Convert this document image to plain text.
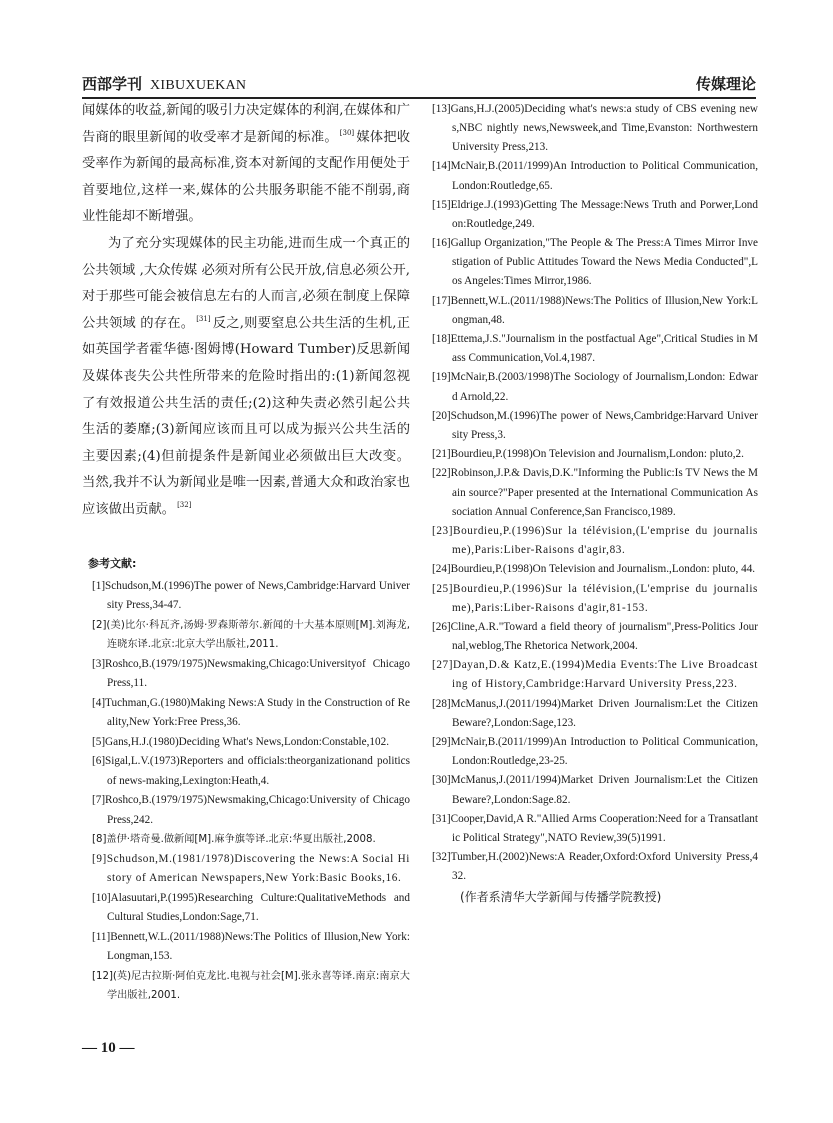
西部学刊 XIBUXUEKAN	传媒理论

闻媒体的收益,新闻的吸引力决定媒体的利润,在媒体和广告商的眼里新闻的收受率才是新闻的标准。 [30] 媒体把收受率作为新闻的最高标准,资本对新闻的支配作用便处于首要地位,这样一来,媒体的公共服务职能不能不削弱,商业性能却不断增强。

为了充分实现媒体的民主功能,进而生成一个真正的 公共领域 ,大众传媒 必须对所有公民开放,信息必须公开,对于那些可能会被信息左右的人而言,必须在制度上保障 公共领域 的存在。 [31] 反之,则要窒息公共生活的生机,正如英国学者霍华德·图姆博(Howard Tumber)反思新闻及媒体丧失公共性所带来的危险时指出的:(1)新闻忽视了有效报道公共生活的责任;(2)这种失责必然引起公共生活的萎靡;(3)新闻应该而且可以成为振兴公共生活的主要因素;(4)但前提条件是新闻业必须做出巨大改变。当然,我并不认为新闻业是唯一因素,普通大众和政治家也应该做出贡献。 [32]

参考文献:
[1]Schudson,M.(1996)The power of News,Cambridge:Harvard University Press,34-47.
[2](美)比尔·科瓦齐,汤姆·罗森斯蒂尔.新闻的十大基本原则[M].刘海龙,连晓东译.北京:北京大学出版社,2011.
[3]Roshco,B.(1979/1975)Newsmaking,Chicago:Universityof Chicago Press,11.
[4]Tuchman,G.(1980)Making News:A Study in the Construction of Reality,New York:Free Press,36.
[5]Gans,H.J.(1980)Deciding What's News,London:Constable,102.
[6]Sigal,L.V.(1973)Reporters and officials:theorganizationand politics of news-making,Lexington:Heath,4.
[7]Roshco,B.(1979/1975)Newsmaking,Chicago:University of Chicago Press,242.
[8]盖伊·塔奇曼.做新闻[M].麻争旗等译.北京:华夏出版社,2008.
[9]Schudson,M.(1981/1978)Discovering the News:A Social History of American Newspapers,New York:Basic Books,16.
[10]Alasuutari,P.(1995)Researching Culture:QualitativeMethods and Cultural Studies,London:Sage,71.
[11]Bennett,W.L.(2011/1988)News:The Politics of Illusion,New York:Longman,153.
[12](英)尼古拉斯·阿伯克龙比.电视与社会[M].张永喜等译.南京:南京大学出版社,2001.
[13]Gans,H.J.(2005)Deciding what's news:a study of CBS evening news,NBC nightly news,Newsweek,and Time,Evanston: Northwestern University Press,213.
[14]McNair,B.(2011/1999)An Introduction to Political Communication,London:Routledge,65.
[15]Eldrige.J.(1993)Getting The Message:News Truth and Porwer,London:Routledge,249.
[16]Gallup Organization,"The People & The Press:A Times Mirror Investigation of Public Attitudes Toward the News Media Conducted",Los Angeles:Times Mirror,1986.
[17]Bennett,W.L.(2011/1988)News:The Politics of Illusion,New York:Longman,48.
[18]Ettema,J.S."Journalism in the postfactual Age",Critical Studies in Mass Communication,Vol.4,1987.
[19]McNair,B.(2003/1998)The Sociology of Journalism,London: Edward Arnold,22.
[20]Schudson,M.(1996)The power of News,Cambridge:Harvard University Press,3.
[21]Bourdieu,P.(1998)On Television and Journalism,London: pluto,2.
[22]Robinson,J.P.& Davis,D.K."Informing the Public:Is TV News the Main source?"Paper presented at the International Communication Association Annual Conference,San Francisco,1989.
[23]Bourdieu,P.(1996)Sur la télévision,(L'emprise du journalisme),Paris:Liber-Raisons d'agir,83.
[24]Bourdieu,P.(1998)On Television and Journalism.,London: pluto, 44.
[25]Bourdieu,P.(1996)Sur la télévision,(L'emprise du journalisme),Paris:Liber-Raisons d'agir,81-153.
[26]Cline,A.R."Toward a field theory of journalism",Press-Politics Journal,weblog,The Rhetorica Network,2004.
[27]Dayan,D.& Katz,E.(1994)Media Events:The Live Broadcasting of History,Cambridge:Harvard University Press,223.
[28]McManus,J.(2011/1994)Market Driven Journalism:Let the Citizen Beware?,London:Sage,123.
[29]McNair,B.(2011/1999)An Introduction to Political Communication,London:Routledge,23-25.
[30]McManus,J.(2011/1994)Market Driven Journalism:Let the Citizen Beware?,London:Sage.82.
[31]Cooper,David,A R."Allied Arms Cooperation:Need for a Transatlantic Political Strategy",NATO Review,39(5)1991.
[32]Tumber,H.(2002)News:A Reader,Oxford:Oxford University Press,432.
(作者系清华大学新闻与传播学院教授)
— 10 —
